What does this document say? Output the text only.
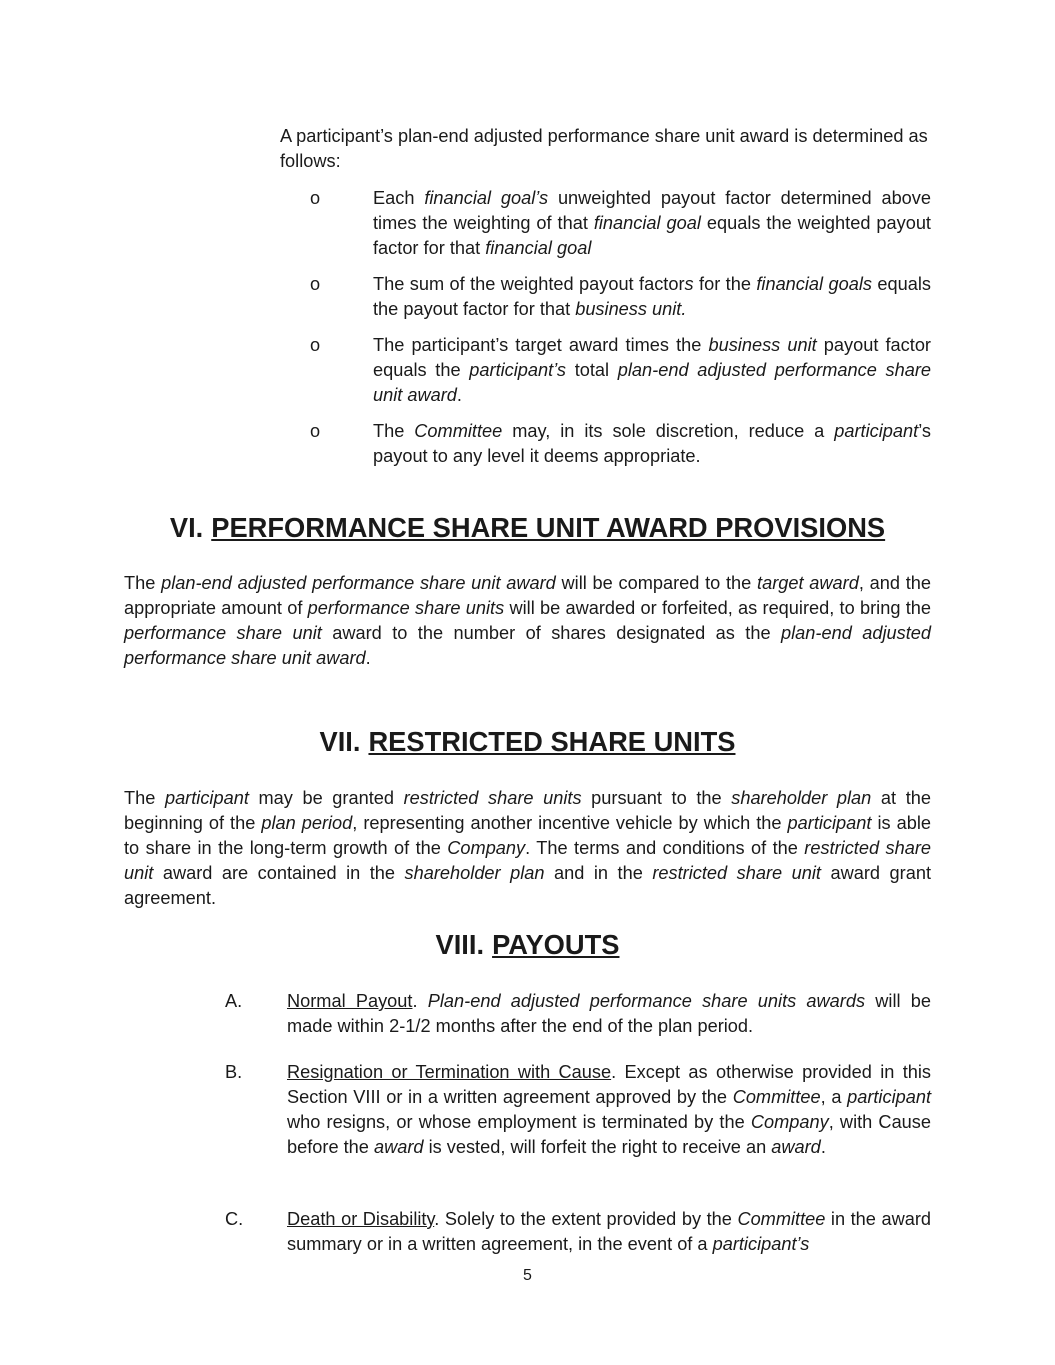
A participant’s plan-end adjusted performance share unit award is determined as follows:

o	Each financial goal’s unweighted payout factor determined above times the weighting of that financial goal equals the weighted payout factor for that financial goal

o	The sum of the weighted payout factors for the financial goals equals the payout factor for that business unit.

o	The participant’s target award times the business unit payout factor equals the participant’s total plan-end adjusted performance share unit award.

o	The Committee may, in its sole discretion, reduce a participant’s payout to any level it deems appropriate.

VI. PERFORMANCE SHARE UNIT AWARD PROVISIONS

The plan-end adjusted performance share unit award will be compared to the target award, and the appropriate amount of performance share units will be awarded or forfeited, as required, to bring the performance share unit award to the number of shares designated as the plan-end adjusted performance share unit award.

VII. RESTRICTED SHARE UNITS

The participant may be granted restricted share units pursuant to the shareholder plan at the beginning of the plan period, representing another incentive vehicle by which the participant is able to share in the long-term growth of the Company. The terms and conditions of the restricted share unit award are contained in the shareholder plan and in the restricted share unit award grant agreement.

VIII. PAYOUTS
A. Normal Payout. Plan-end adjusted performance share units awards will be made within 2-1/2 months after the end of the plan period.

B. Resignation or Termination with Cause. Except as otherwise provided in this Section VIII or in a written agreement approved by the Committee, a participant who resigns, or whose employment is terminated by the Company, with Cause before the award is vested, will forfeit the right to receive an award.

C. Death or Disability. Solely to the extent provided by the Committee in the award summary or in a written agreement, in the event of a participant’s

5
